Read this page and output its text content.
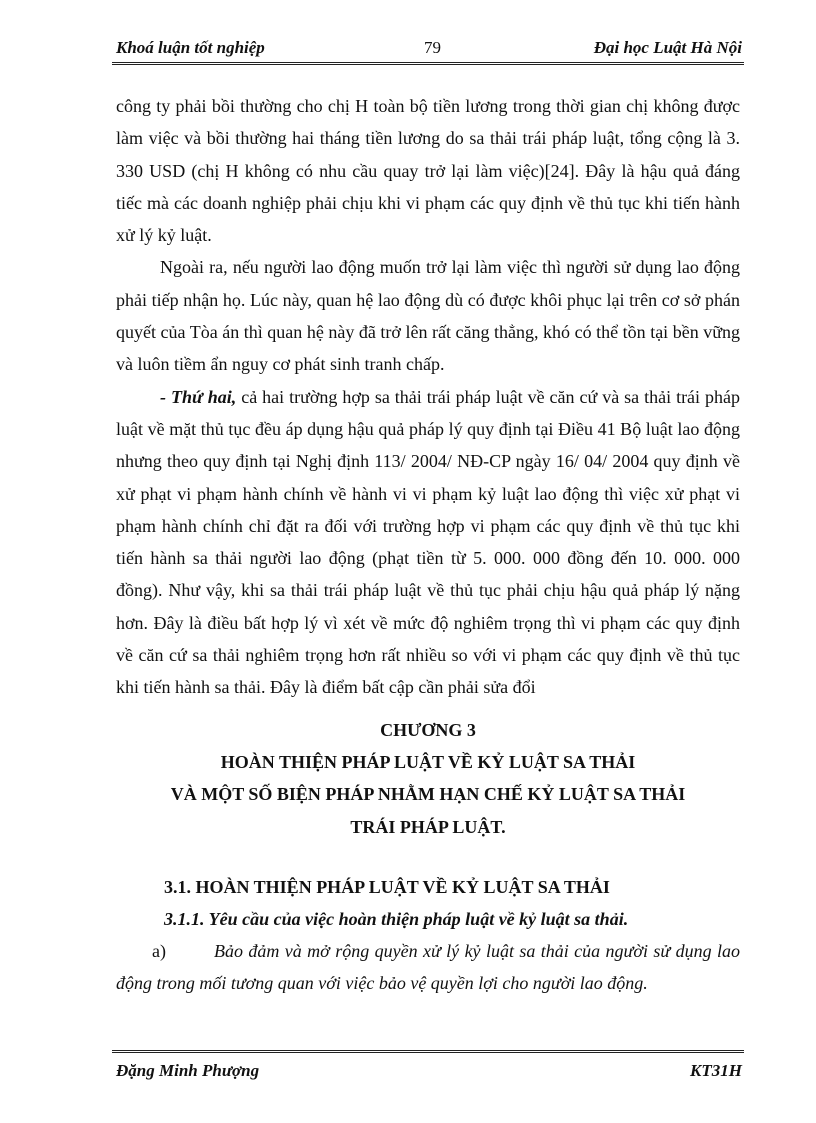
Khoá luận tốt nghiệp	79	Đại học Luật Hà Nội

công ty phải bồi thường cho chị H toàn bộ tiền lương trong thời gian chị không được làm việc và bồi thường hai tháng tiền lương do sa thải trái pháp luật, tổng cộng là 3. 330 USD (chị H không có nhu cầu quay trở lại làm việc)[24]. Đây là hậu quả đáng tiếc mà các doanh nghiệp phải chịu khi vi phạm các quy định về thủ tục khi tiến hành xử lý kỷ luật.

Ngoài ra, nếu người lao động muốn trở lại làm việc thì người sử dụng lao động phải tiếp nhận họ. Lúc này, quan hệ lao động dù có được khôi phục lại trên cơ sở phán quyết của Tòa án thì quan hệ này đã trở lên rất căng thẳng, khó có thể tồn tại bền vững và luôn tiềm ẩn nguy cơ phát sinh tranh chấp.

- Thứ hai, cả hai trường hợp sa thải trái pháp luật về căn cứ và sa thải trái pháp luật về mặt thủ tục đều áp dụng hậu quả pháp lý quy định tại Điều 41 Bộ luật lao động nhưng theo quy định tại Nghị định 113/ 2004/ NĐ-CP ngày 16/ 04/ 2004 quy định về xử phạt vi phạm hành chính về hành vi vi phạm kỷ luật lao động thì việc xử phạt vi phạm hành chính chỉ đặt ra đối với trường hợp vi phạm các quy định về thủ tục khi tiến hành sa thải người lao động (phạt tiền từ 5. 000. 000 đồng đến 10. 000. 000 đồng). Như vậy, khi sa thải trái pháp luật về thủ tục phải chịu hậu quả pháp lý nặng hơn. Đây là điều bất hợp lý vì xét về mức độ nghiêm trọng thì vi phạm các quy định về căn cứ sa thải nghiêm trọng hơn rất nhiều so với vi phạm các quy định về thủ tục khi tiến hành sa thải. Đây là điểm bất cập cần phải sửa đổi

CHƯƠNG 3
HOÀN THIỆN PHÁP LUẬT VỀ KỶ LUẬT SA THẢI
VÀ MỘT SỐ BIỆN PHÁP NHẰM HẠN CHẾ KỶ LUẬT SA THẢI
TRÁI PHÁP LUẬT.
3.1. HOÀN THIỆN PHÁP LUẬT VỀ KỶ LUẬT SA THẢI
3.1.1. Yêu cầu của việc hoàn thiện pháp luật về kỷ luật sa thải.

a)	Bảo đảm và mở rộng quyền xử lý kỷ luật sa thải của người sử dụng lao động trong mối tương quan với việc bảo vệ quyền lợi cho người lao động.

Đặng Minh Phượng	KT31H
